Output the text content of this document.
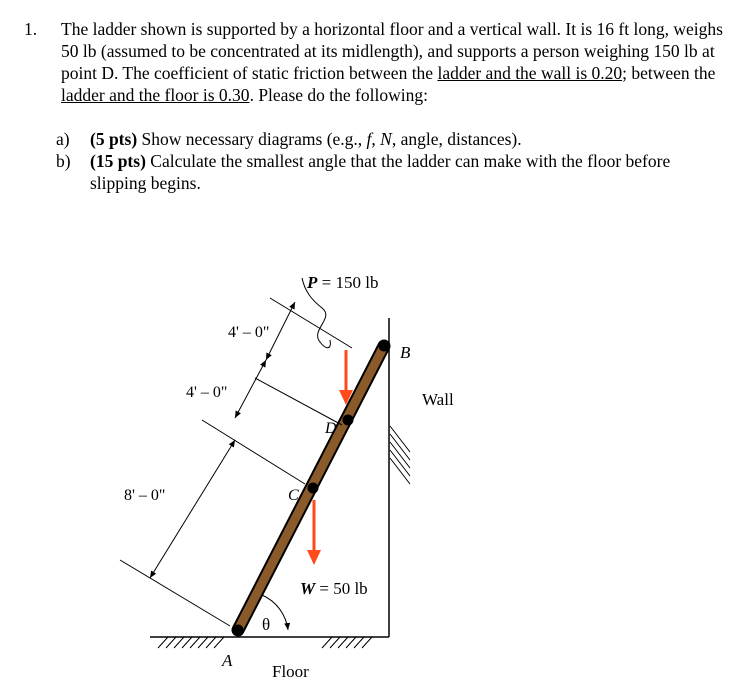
1. The ladder shown is supported by a horizontal floor and a vertical wall. It is 16 ft long, weighs 50 lb (assumed to be concentrated at its midlength), and supports a person weighing 150 lb at point D. The coefficient of static friction between the ladder and the wall is 0.20; between the ladder and the floor is 0.30. Please do the following:
a) (5 pts) Show necessary diagrams (e.g., f, N, angle, distances).
b) (15 pts) Calculate the smallest angle that the ladder can make with the floor before slipping begins.
P = 150 lb
W = 50 lb
A
B
C
D
θ
4' – 0"
4' – 0"
8' – 0"
Wall
Floor
